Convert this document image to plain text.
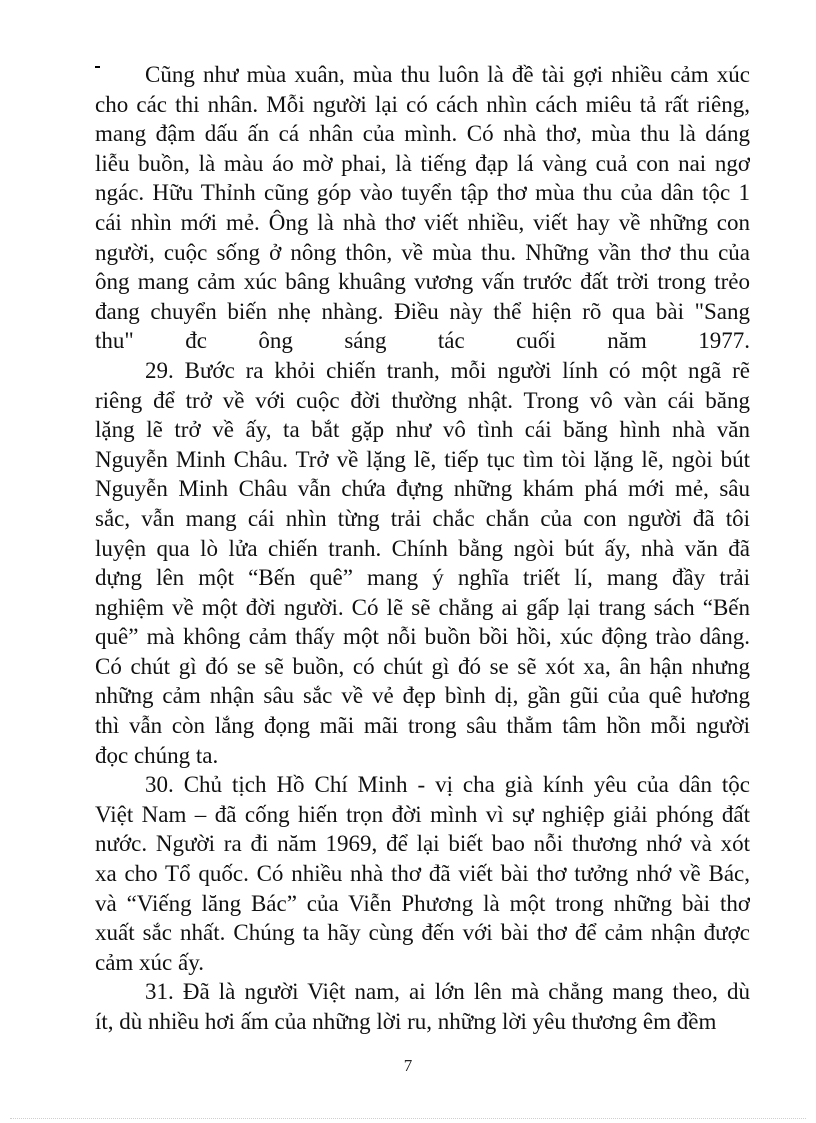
Cũng như mùa xuân, mùa thu luôn là đề tài gợi nhiều cảm xúc
cho các thi nhân. Mỗi người lại có cách nhìn cách miêu tả rất riêng,
mang đậm dấu ấn cá nhân của mình. Có nhà thơ, mùa thu là dáng
liễu buồn, là màu áo mờ phai, là tiếng đạp lá vàng cuả con nai ngơ
ngác. Hữu Thỉnh cũng góp vào tuyển tập thơ mùa thu của dân tộc 1
cái nhìn mới mẻ. Ông là nhà thơ viết nhiều, viết hay về những con
người, cuộc sống ở nông thôn, về mùa thu. Những vần thơ thu của
ông mang cảm xúc bâng khuâng vương vấn trước đất trời trong trẻo
đang chuyển biến nhẹ nhàng. Điều này thể hiện rõ qua bài "Sang
thu" đc ông sáng tác cuối năm 1977.
29. Bước ra khỏi chiến tranh, mỗi người lính có một ngã rẽ
riêng để trở về với cuộc đời thường nhật. Trong vô vàn cái băng
lặng lẽ trở về ấy, ta bắt gặp như vô tình cái băng hình nhà văn
Nguyễn Minh Châu. Trở về lặng lẽ, tiếp tục tìm tòi lặng lẽ, ngòi bút
Nguyễn Minh Châu vẫn chứa đựng những khám phá mới mẻ, sâu
sắc, vẫn mang cái nhìn từng trải chắc chắn của con người đã tôi
luyện qua lò lửa chiến tranh. Chính bằng ngòi bút ấy, nhà văn đã
dựng lên một “Bến quê” mang ý nghĩa triết lí, mang đầy trải
nghiệm về một đời người. Có lẽ sẽ chẳng ai gấp lại trang sách “Bến
quê” mà không cảm thấy một nỗi buồn bồi hồi, xúc động trào dâng.
Có chút gì đó se sẽ buồn, có chút gì đó se sẽ xót xa, ân hận nhưng
những cảm nhận sâu sắc về vẻ đẹp bình dị, gần gũi của quê hương
thì vẫn còn lắng đọng mãi mãi trong sâu thẳm tâm hồn mỗi người
đọc chúng ta.
30. Chủ tịch Hồ Chí Minh - vị cha già kính yêu của dân tộc
Việt Nam – đã cống hiến trọn đời mình vì sự nghiệp giải phóng đất
nước. Người ra đi năm 1969, để lại biết bao nỗi thương nhớ và xót
xa cho Tổ quốc. Có nhiều nhà thơ đã viết bài thơ tưởng nhớ về Bác,
và “Viếng lăng Bác” của Viễn Phương là một trong những bài thơ
xuất sắc nhất. Chúng ta hãy cùng đến với bài thơ để cảm nhận được
cảm xúc ấy.
31. Đã là người Việt nam, ai lớn lên mà chẳng mang theo, dù
ít, dù nhiều hơi ấm của những lời ru, những lời yêu thương êm đềm
7
